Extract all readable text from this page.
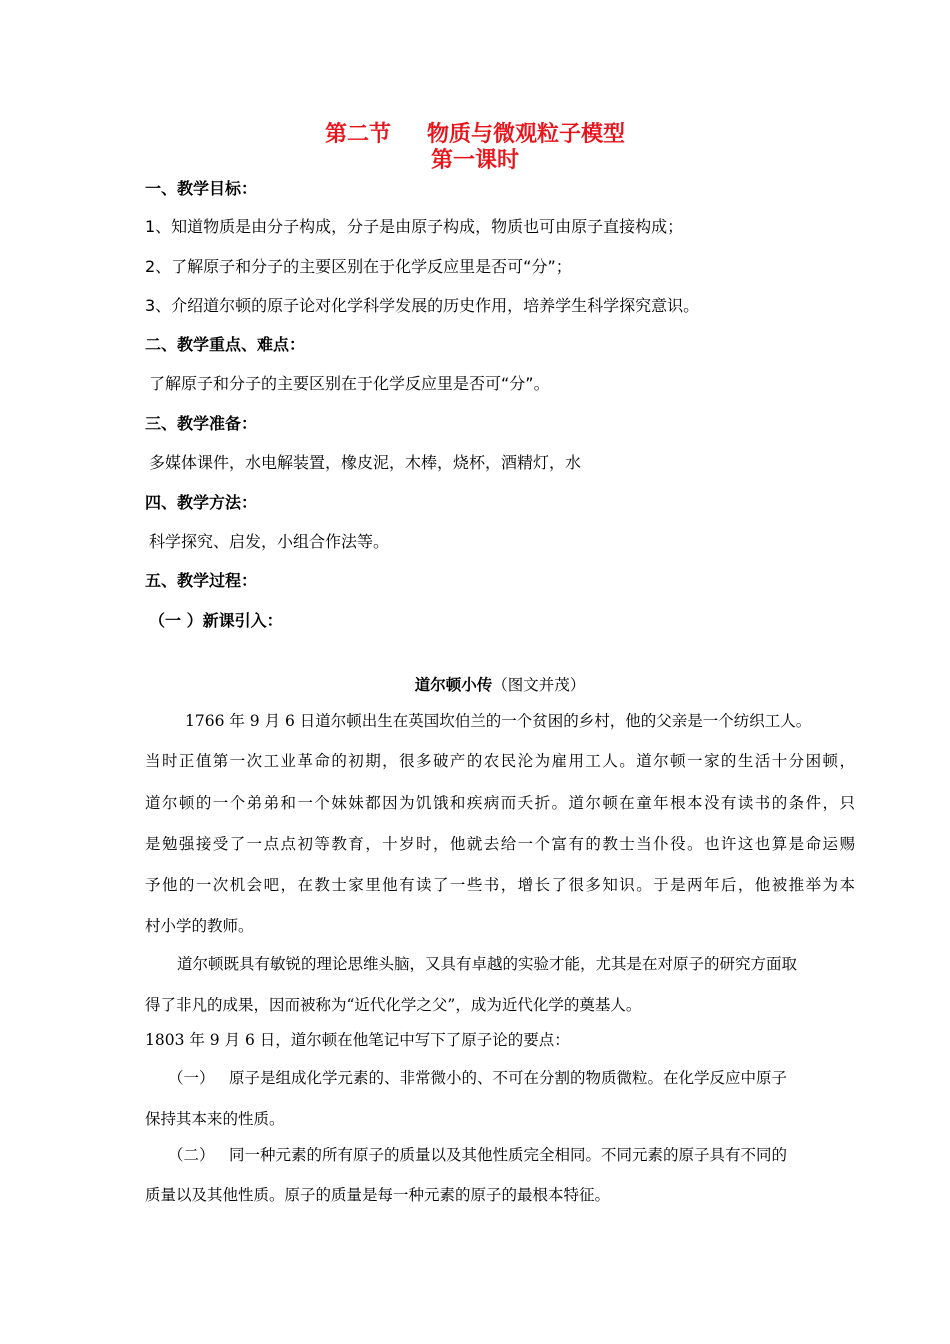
第二节 物质与微观粒子模型
第一课时
一、教学目标：
1、知道物质是由分子构成，分子是由原子构成，物质也可由原子直接构成；
2、了解原子和分子的主要区别在于化学反应里是否可“分”；
3、介绍道尔顿的原子论对化学科学发展的历史作用，培养学生科学探究意识。
二、教学重点、难点：
了解原子和分子的主要区别在于化学反应里是否可“分”。
三、教学准备：
多媒体课件，水电解装置，橡皮泥，木棒，烧杯，酒精灯，水
四、教学方法：
科学探究、启发，小组合作法等。
五、教学过程：
（一 ）新课引入：
道尔顿小传（图文并茂）
1766 年 9 月 6 日道尔顿出生在英国坎伯兰的一个贫困的乡村，他的父亲是一个纺织工人。
当时正值第一次工业革命的初期，很多破产的农民沦为雇用工人。道尔顿一家的生活十分困顿，
道尔顿的一个弟弟和一个妹妹都因为饥饿和疾病而夭折。道尔顿在童年根本没有读书的条件，只
是勉强接受了一点点初等教育，十岁时，他就去给一个富有的教士当仆役。也许这也算是命运赐
予他的一次机会吧，在教士家里他有读了一些书，增长了很多知识。于是两年后，他被推举为本
村小学的教师。
道尔顿既具有敏锐的理论思维头脑，又具有卓越的实验才能，尤其是在对原子的研究方面取
得了非凡的成果，因而被称为“近代化学之父”，成为近代化学的奠基人。
1803 年 9 月 6 日，道尔顿在他笔记中写下了原子论的要点：
（一） 原子是组成化学元素的、非常微小的、不可在分割的物质微粒。在化学反应中原子
保持其本来的性质。
（二） 同一种元素的所有原子的质量以及其他性质完全相同。不同元素的原子具有不同的
质量以及其他性质。原子的质量是每一种元素的原子的最根本特征。
